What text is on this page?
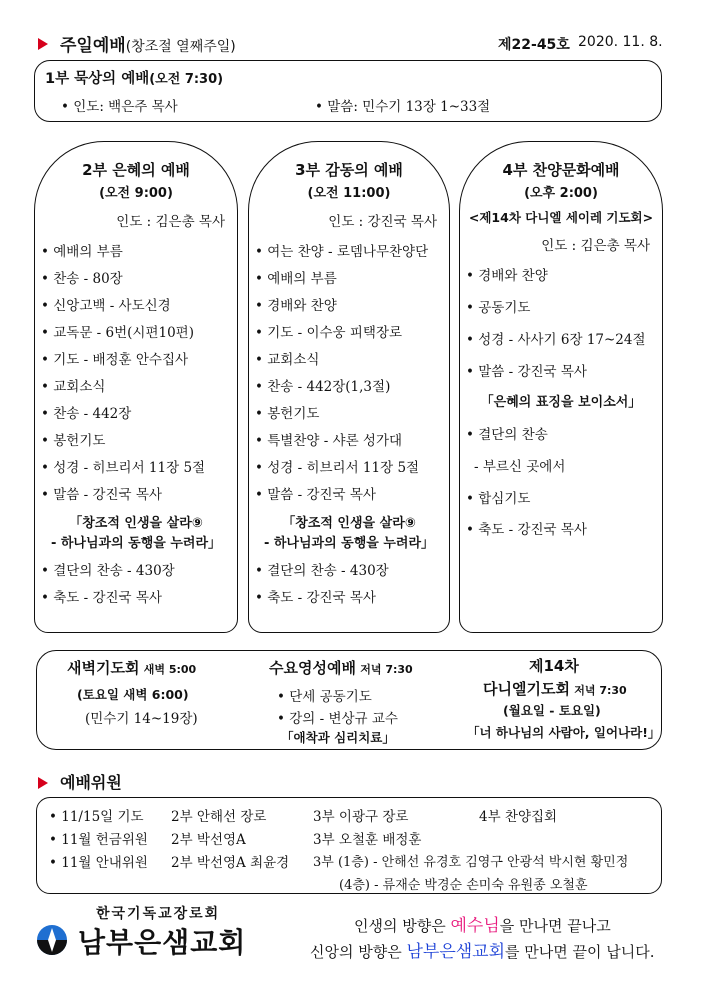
주일예배(창조절 열째주일)	제22-45호 2020. 11. 8.
1부 묵상의 예배(오전 7:30)
• 인도: 백은주 목사	• 말씀: 민수기 13장 1~33절
2부 은혜의 예배
(오전 9:00)
인도 : 김은총 목사
• 예배의 부름
• 찬송 - 80장
• 신앙고백 - 사도신경
• 교독문 - 6번(시편10편)
• 기도 - 배정훈 안수집사
• 교회소식
• 찬송 - 442장
• 봉헌기도
• 성경 - 히브리서 11장 5절
• 말씀 - 강진국 목사
「창조적 인생을 살라⑨
- 하나님과의 동행을 누려라」
• 결단의 찬송 - 430장
• 축도 - 강진국 목사
3부 감동의 예배
(오전 11:00)
인도 : 강진국 목사
• 여는 찬양 - 로뎀나무찬양단
• 예배의 부름
• 경배와 찬양
• 기도 - 이수웅 피택장로
• 교회소식
• 찬송 - 442장(1,3절)
• 봉헌기도
• 특별찬양 - 샤론 성가대
• 성경 - 히브리서 11장 5절
• 말씀 - 강진국 목사
「창조적 인생을 살라⑨
- 하나님과의 동행을 누려라」
• 결단의 찬송 - 430장
• 축도 - 강진국 목사
4부 찬양문화예배
(오후 2:00)
<제14차 다니엘 세이레 기도회>
인도 : 김은총 목사
• 경배와 찬양
• 공동기도
• 성경 - 사사기 6장 17~24절
• 말씀 - 강진국 목사
「은혜의 표징을 보이소서」
• 결단의 찬송
- 부르신 곳에서
• 합심기도
• 축도 - 강진국 목사
새벽기도회 새벽 5:00
(토요일 새벽 6:00)
(민수기 14~19장)
수요영성예배 저녁 7:30
• 단세 공동기도
• 강의 - 변상규 교수
「애착과 심리치료」
제14차
다니엘기도회 저녁 7:30
(월요일 - 토요일)
「너 하나님의 사람아, 일어나라!」
예배위원
• 11/15일 기도 2부 안해선 장로	3부 이광구 장로	4부 찬양집회
• 11월 헌금위원 2부 박선영A	3부 오철훈 배정훈
• 11월 안내위원 2부 박선영A 최윤경 3부 (1층) - 안해선 유경호 김영구 안광석 박시현 황민정
(4층) - 류재순 박경순 손미숙 유원종 오철훈
한국기독교장로회
남부은샘교회	인생의 방향은 예수님을 만나면 끝나고
신앙의 방향은 남부은샘교회를 만나면 끝이 납니다.
